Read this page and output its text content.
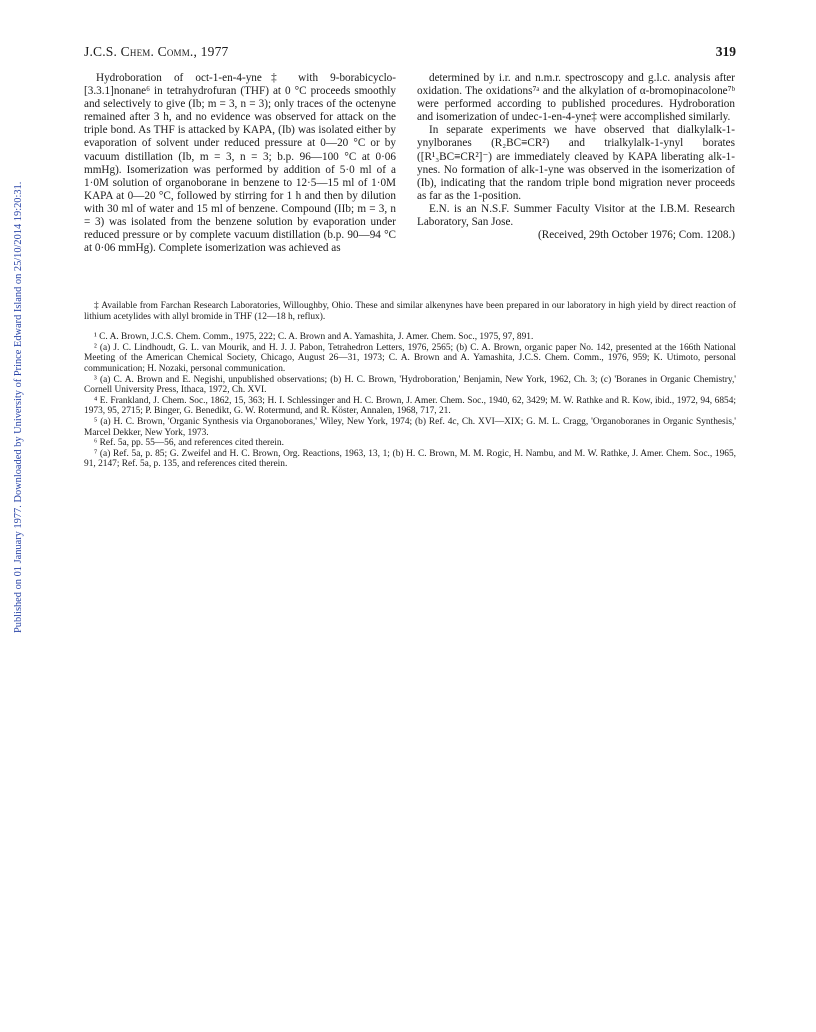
Published on 01 January 1977. Downloaded by University of Prince Edward Island on 25/10/2014 19:20:31.
J.C.S. Chem. Comm., 1977	319

Hydroboration of oct-1-en-4-yne‡ with 9-borabicyclo-[3.3.1]nonane⁶ in tetrahydrofuran (THF) at 0 °C proceeds smoothly and selectively to give (Ib; m = 3, n = 3); only traces of the octenyne remained after 3 h, and no evidence was observed for attack on the triple bond. As THF is attacked by KAPA, (Ib) was isolated either by evaporation of solvent under reduced pressure at 0—20 °C or by vacuum distillation (Ib, m = 3, n = 3; b.p. 96—100 °C at 0·06 mmHg). Isomerization was performed by addition of 5·0 ml of a 1·0M solution of organoborane in benzene to 12·5—15 ml of 1·0M KAPA at 0—20 °C, followed by stirring for 1 h and then by dilution with 30 ml of water and 15 ml of benzene. Compound (IIb; m = 3, n = 3) was isolated from the benzene solution by evaporation under reduced pressure or by complete vacuum distillation (b.p. 90—94 °C at 0·06 mmHg). Complete isomerization was achieved as

determined by i.r. and n.m.r. spectroscopy and g.l.c. analysis after oxidation. The oxidations⁷ᵃ and the alkylation of α-bromopinacolone⁷ᵇ were performed according to published procedures. Hydroboration and isomerization of undec-1-en-4-yne‡ were accomplished similarly.

In separate experiments we have observed that dialkylalk-1-ynylboranes (R₂BC≡CR²) and trialkylalk-1-ynyl borates ([R¹₃BC≡CR²]⁻) are immediately cleaved by KAPA liberating alk-1-ynes. No formation of alk-1-yne was observed in the isomerization of (Ib), indicating that the random triple bond migration never proceeds as far as the 1-position.

E.N. is an N.S.F. Summer Faculty Visitor at the I.B.M. Research Laboratory, San Jose.

(Received, 29th October 1976; Com. 1208.)

‡ Available from Farchan Research Laboratories, Willoughby, Ohio. These and similar alkenynes have been prepared in our laboratory in high yield by direct reaction of lithium acetylides with allyl bromide in THF (12—18 h, reflux).

¹ C. A. Brown, J.C.S. Chem. Comm., 1975, 222; C. A. Brown and A. Yamashita, J. Amer. Chem. Soc., 1975, 97, 891.

² (a) J. C. Lindhoudt, G. L. van Mourik, and H. J. J. Pabon, Tetrahedron Letters, 1976, 2565; (b) C. A. Brown, organic paper No. 142, presented at the 166th National Meeting of the American Chemical Society, Chicago, August 26—31, 1973; C. A. Brown and A. Yamashita, J.C.S. Chem. Comm., 1976, 959; K. Utimoto, personal communication; H. Nozaki, personal communication.

³ (a) C. A. Brown and E. Negishi, unpublished observations; (b) H. C. Brown, 'Hydroboration,' Benjamin, New York, 1962, Ch. 3; (c) 'Boranes in Organic Chemistry,' Cornell University Press, Ithaca, 1972, Ch. XVI.

⁴ E. Frankland, J. Chem. Soc., 1862, 15, 363; H. I. Schlessinger and H. C. Brown, J. Amer. Chem. Soc., 1940, 62, 3429; M. W. Rathke and R. Kow, ibid., 1972, 94, 6854; 1973, 95, 2715; P. Binger, G. Benedikt, G. W. Rotermund, and R. Köster, Annalen, 1968, 717, 21.

⁵ (a) H. C. Brown, 'Organic Synthesis via Organoboranes,' Wiley, New York, 1974; (b) Ref. 4c, Ch. XVI—XIX; G. M. L. Cragg, 'Organoboranes in Organic Synthesis,' Marcel Dekker, New York, 1973.

⁶ Ref. 5a, pp. 55—56, and references cited therein.

⁷ (a) Ref. 5a, p. 85; G. Zweifel and H. C. Brown, Org. Reactions, 1963, 13, 1; (b) H. C. Brown, M. M. Rogic, H. Nambu, and M. W. Rathke, J. Amer. Chem. Soc., 1965, 91, 2147; Ref. 5a, p. 135, and references cited therein.
